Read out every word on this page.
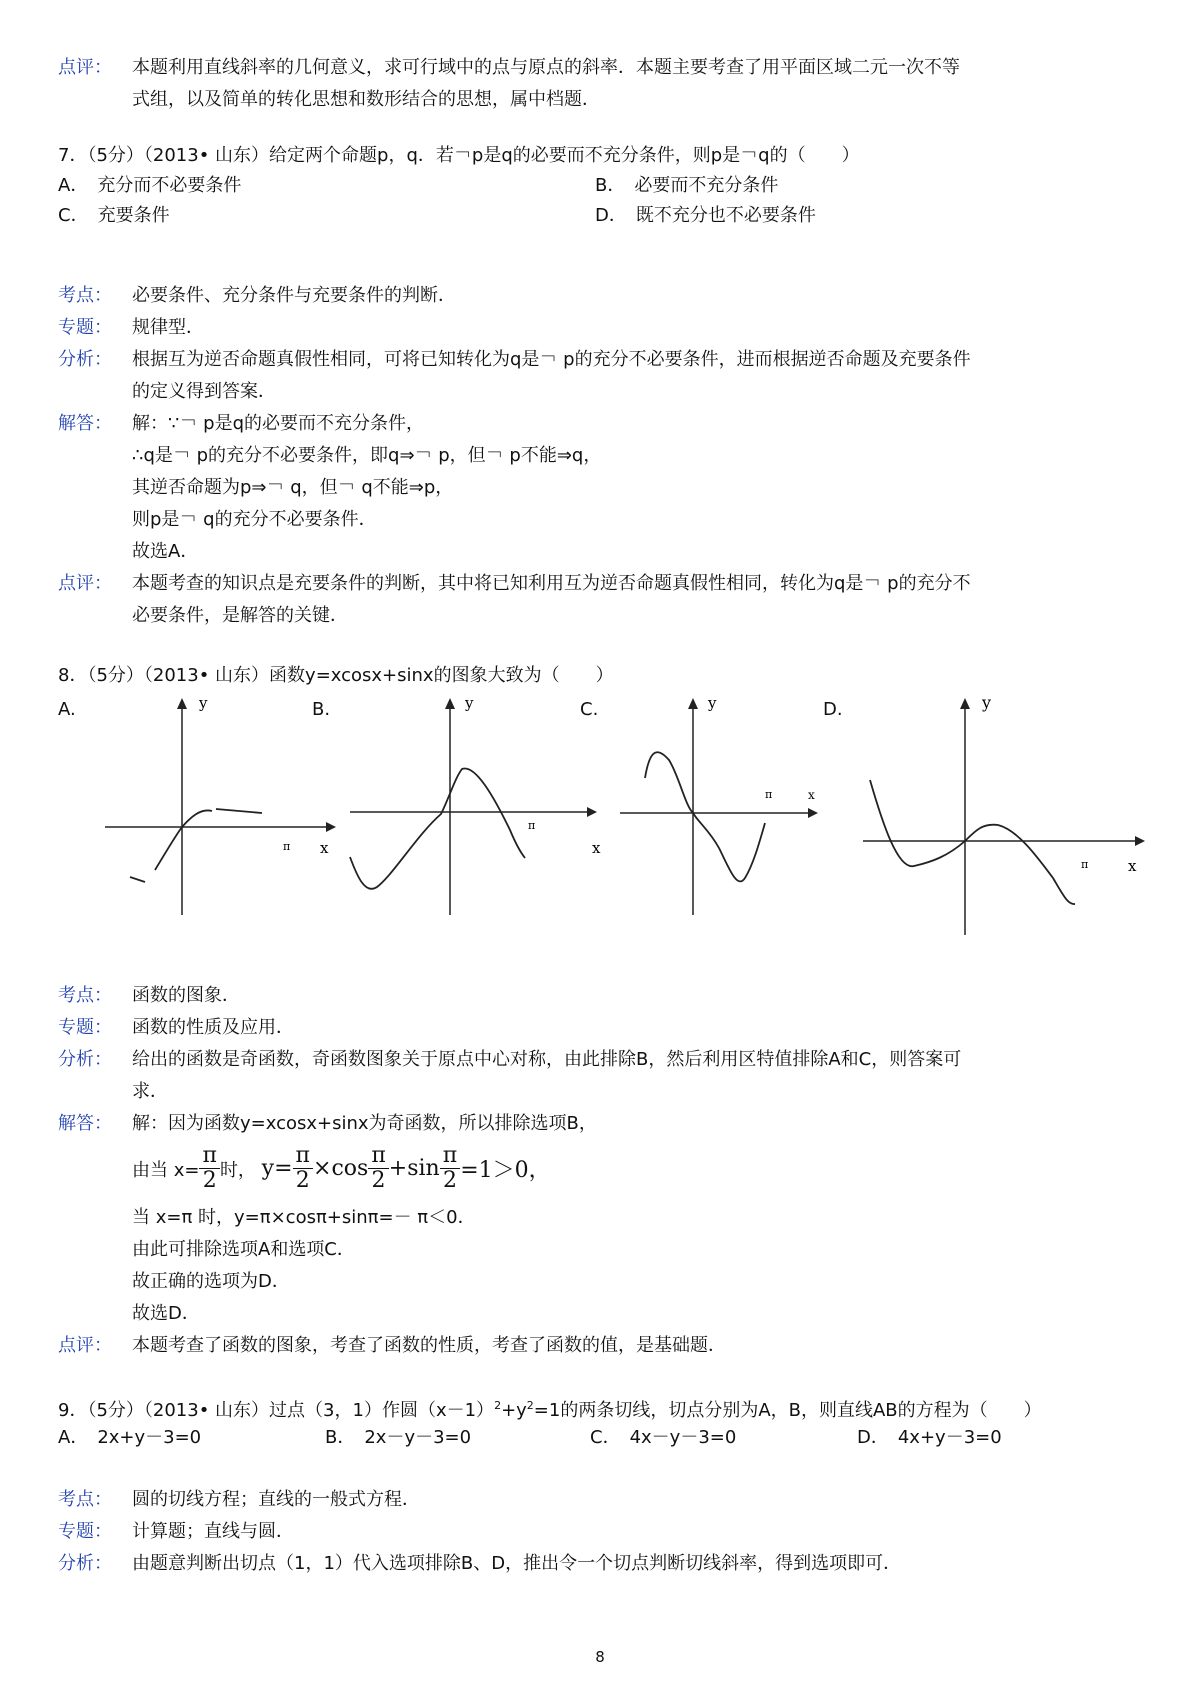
点评： 本题利用直线斜率的几何意义，求可行域中的点与原点的斜率．本题主要考查了用平面区域二元一次不等
式组，以及简单的转化思想和数形结合的思想，属中档题．
7．（5分）（2013• 山东）给定两个命题p，q．若￢p是q的必要而不充分条件，则p是￢q的（　　）
A．　充分而不必要条件	B．　必要而不充分条件
C．　充要条件	D．　既不充分也不必要条件
考点： 必要条件、充分条件与充要条件的判断．
专题： 规律型．
分析： 根据互为逆否命题真假性相同，可将已知转化为q是￢ p的充分不必要条件，进而根据逆否命题及充要条件
的定义得到答案．
解答： 解：∵￢ p是q的必要而不充分条件，
∴q是￢ p的充分不必要条件，即q⇒￢ p，但￢ p不能⇒q，
其逆否命题为p⇒￢ q，但￢ q不能⇒p，
则p是￢ q的充分不必要条件．
故选A．
点评： 本题考查的知识点是充要条件的判断，其中将已知利用互为逆否命题真假性相同，转化为q是￢ p的充分不
必要条件，是解答的关键．
8．（5分）（2013• 山东）函数y=xcosx+sinx的图象大致为（　　）
A.	B.	C.	D.
y
x
π
y
x
π
y
x
π
y
x
π
考点： 函数的图象．
专题： 函数的性质及应用．
分析： 给出的函数是奇函数，奇函数图象关于原点中心对称，由此排除B，然后利用区特值排除A和C，则答案可
求．
解答： 解：因为函数y=xcosx+sinx为奇函数，所以排除选项B，
由当 $x= \frac{\pi}{2}$ 时， $y= \frac{\pi}{2} \times\cos \frac{\pi}{2} +\sin \frac{\pi}{2} =1>0$，
当 x=π 时，y=π×cosπ+sinπ=－ π＜0．
由此可排除选项A和选项C．
故正确的选项为D．
故选D．
点评： 本题考查了函数的图象，考查了函数的性质，考查了函数的值，是基础题．
9．（5分）（2013• 山东）过点（3，1）作圆$(x-1)^2+y^2=1$的两条切线，切点分别为A，B，则直线AB的方程为（　　）
A．　2x+y－3=0	B．　2x－y－3=0	C．　4x－y－3=0	D．　4x+y－3=0
考点： 圆的切线方程；直线的一般式方程．
专题： 计算题；直线与圆．
分析： 由题意判断出切点（1，1）代入选项排除B、D，推出令一个切点判断切线斜率，得到选项即可．
8
